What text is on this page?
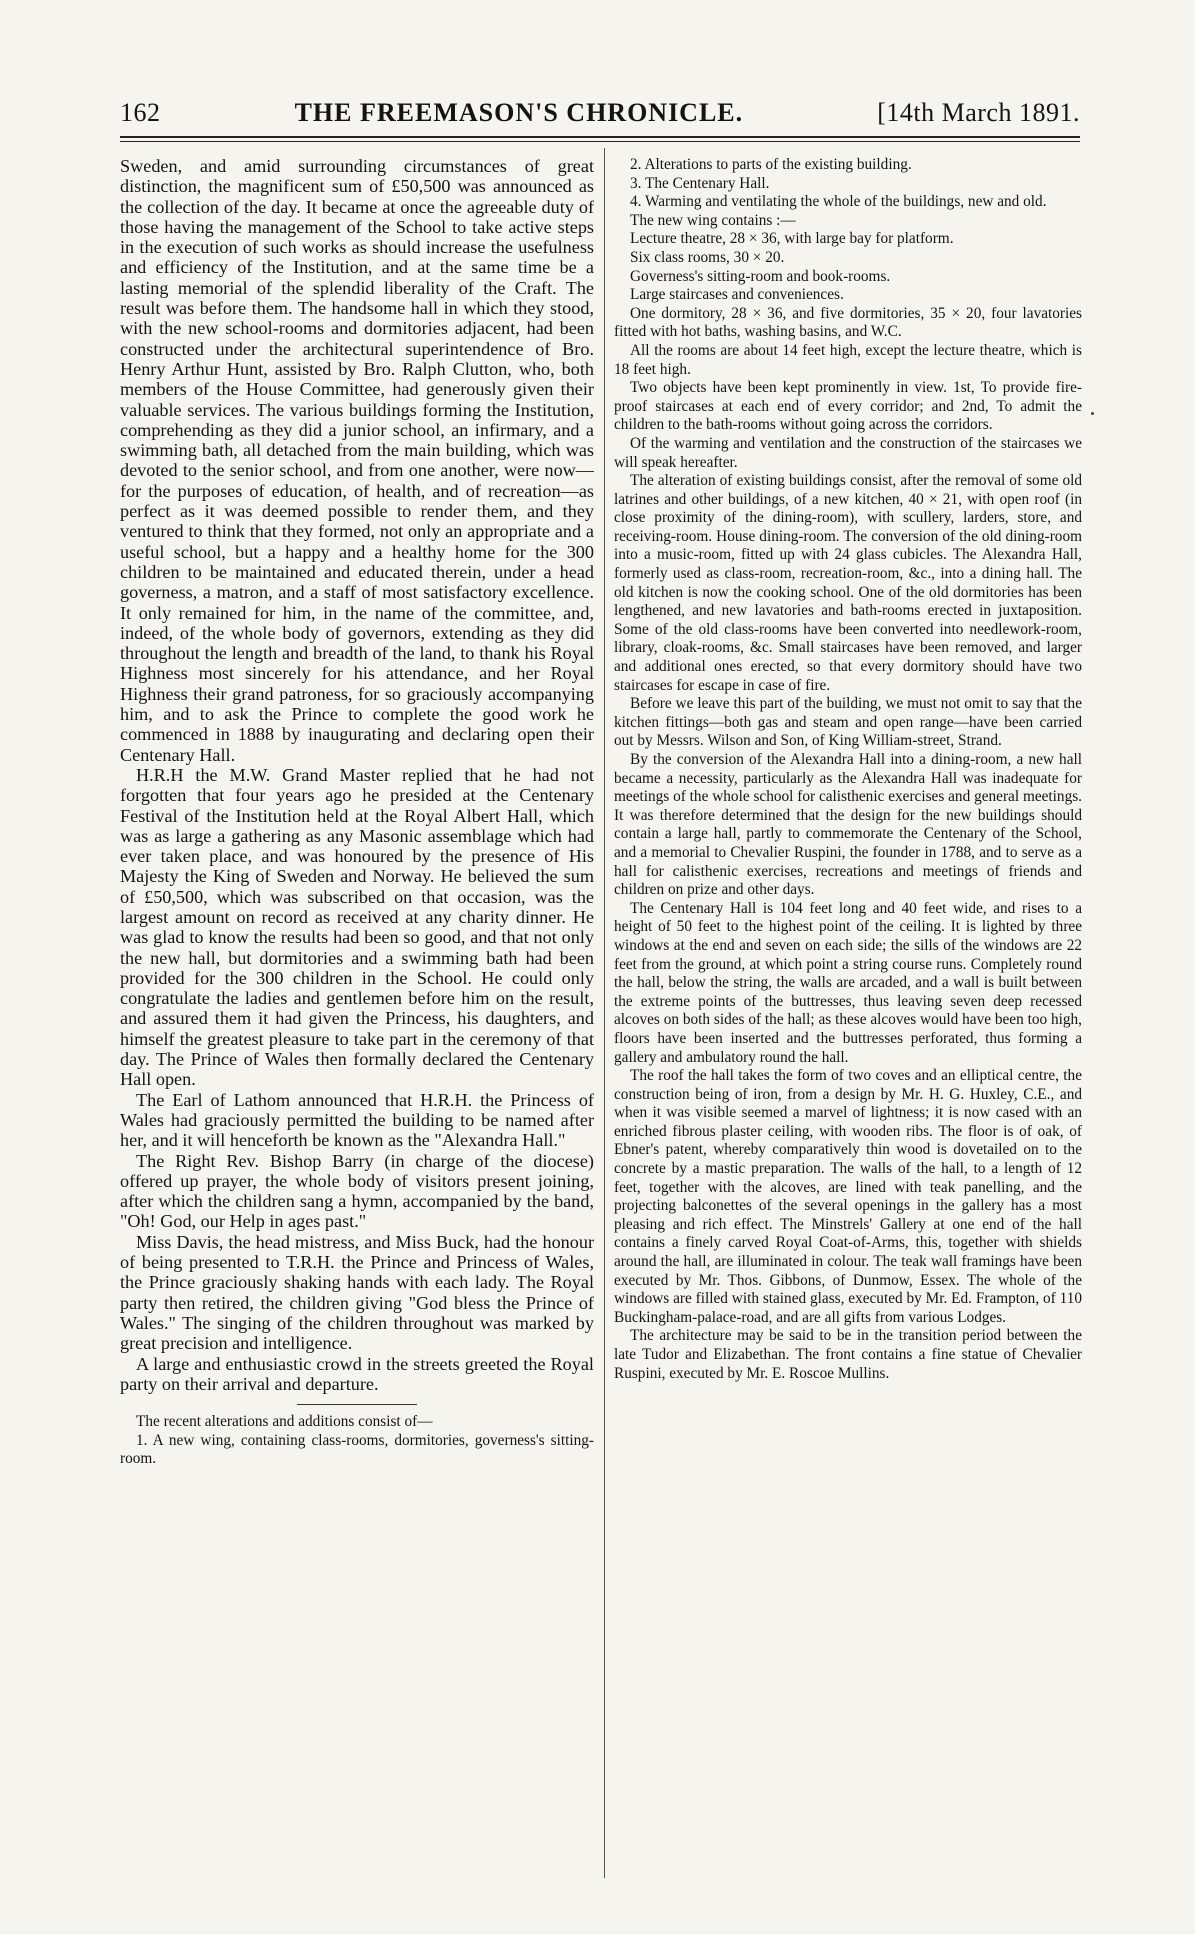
162	THE FREEMASON'S CHRONICLE.	[14th March 1891.

Sweden, and amid surrounding circumstances of great distinction, the magnificent sum of £50,500 was announced as the collection of the day. It became at once the agreeable duty of those having the management of the School to take active steps in the execution of such works as should increase the usefulness and efficiency of the Institution, and at the same time be a lasting memorial of the splendid liberality of the Craft. The result was before them. The handsome hall in which they stood, with the new school-rooms and dormitories adjacent, had been constructed under the architectural superintendence of Bro. Henry Arthur Hunt, assisted by Bro. Ralph Clutton, who, both members of the House Committee, had generously given their valuable services. The various buildings forming the Institution, comprehending as they did a junior school, an infirmary, and a swimming bath, all detached from the main building, which was devoted to the senior school, and from one another, were now—for the purposes of education, of health, and of recreation—as perfect as it was deemed possible to render them, and they ventured to think that they formed, not only an appropriate and a useful school, but a happy and a healthy home for the 300 children to be maintained and educated therein, under a head governess, a matron, and a staff of most satisfactory excellence. It only remained for him, in the name of the committee, and, indeed, of the whole body of governors, extending as they did throughout the length and breadth of the land, to thank his Royal Highness most sincerely for his attendance, and her Royal Highness their grand patroness, for so graciously accompanying him, and to ask the Prince to complete the good work he commenced in 1888 by inaugurating and declaring open their Centenary Hall.

H.R.H the M.W. Grand Master replied that he had not forgotten that four years ago he presided at the Centenary Festival of the Institution held at the Royal Albert Hall, which was as large a gathering as any Masonic assemblage which had ever taken place, and was honoured by the presence of His Majesty the King of Sweden and Norway. He believed the sum of £50,500, which was subscribed on that occasion, was the largest amount on record as received at any charity dinner. He was glad to know the results had been so good, and that not only the new hall, but dormitories and a swimming bath had been provided for the 300 children in the School. He could only congratulate the ladies and gentlemen before him on the result, and assured them it had given the Princess, his daughters, and himself the greatest pleasure to take part in the ceremony of that day. The Prince of Wales then formally declared the Centenary Hall open.

The Earl of Lathom announced that H.R.H. the Princess of Wales had graciously permitted the building to be named after her, and it will henceforth be known as the "Alexandra Hall."

The Right Rev. Bishop Barry (in charge of the diocese) offered up prayer, the whole body of visitors present joining, after which the children sang a hymn, accompanied by the band, "Oh! God, our Help in ages past."

Miss Davis, the head mistress, and Miss Buck, had the honour of being presented to T.R.H. the Prince and Princess of Wales, the Prince graciously shaking hands with each lady. The Royal party then retired, the children giving "God bless the Prince of Wales." The singing of the children throughout was marked by great precision and intelligence.

A large and enthusiastic crowd in the streets greeted the Royal party on their arrival and departure.

The recent alterations and additions consist of—

1. A new wing, containing class-rooms, dormitories, governess's sitting-room.

2. Alterations to parts of the existing building.

3. The Centenary Hall.

4. Warming and ventilating the whole of the buildings, new and old.

The new wing contains :—

Lecture theatre, 28 × 36, with large bay for platform.

Six class rooms, 30 × 20.

Governess's sitting-room and book-rooms.

Large staircases and conveniences.

One dormitory, 28 × 36, and five dormitories, 35 × 20, four lavatories fitted with hot baths, washing basins, and W.C.

All the rooms are about 14 feet high, except the lecture theatre, which is 18 feet high.

Two objects have been kept prominently in view. 1st, To provide fire-proof staircases at each end of every corridor; and 2nd, To admit the children to the bath-rooms without going across the corridors.

Of the warming and ventilation and the construction of the staircases we will speak hereafter.

The alteration of existing buildings consist, after the removal of some old latrines and other buildings, of a new kitchen, 40 × 21, with open roof (in close proximity of the dining-room), with scullery, larders, store, and receiving-room. House dining-room. The conversion of the old dining-room into a music-room, fitted up with 24 glass cubicles. The Alexandra Hall, formerly used as class-room, recreation-room, &c., into a dining hall. The old kitchen is now the cooking school. One of the old dormitories has been lengthened, and new lavatories and bath-rooms erected in juxtaposition. Some of the old class-rooms have been converted into needlework-room, library, cloak-rooms, &c. Small staircases have been removed, and larger and additional ones erected, so that every dormitory should have two staircases for escape in case of fire.

Before we leave this part of the building, we must not omit to say that the kitchen fittings—both gas and steam and open range—have been carried out by Messrs. Wilson and Son, of King William-street, Strand.

By the conversion of the Alexandra Hall into a dining-room, a new hall became a necessity, particularly as the Alexandra Hall was inadequate for meetings of the whole school for calisthenic exercises and general meetings. It was therefore determined that the design for the new buildings should contain a large hall, partly to commemorate the Centenary of the School, and a memorial to Chevalier Ruspini, the founder in 1788, and to serve as a hall for calisthenic exercises, recreations and meetings of friends and children on prize and other days.

The Centenary Hall is 104 feet long and 40 feet wide, and rises to a height of 50 feet to the highest point of the ceiling. It is lighted by three windows at the end and seven on each side; the sills of the windows are 22 feet from the ground, at which point a string course runs. Completely round the hall, below the string, the walls are arcaded, and a wall is built between the extreme points of the buttresses, thus leaving seven deep recessed alcoves on both sides of the hall; as these alcoves would have been too high, floors have been inserted and the buttresses perforated, thus forming a gallery and ambulatory round the hall.

The roof the hall takes the form of two coves and an elliptical centre, the construction being of iron, from a design by Mr. H. G. Huxley, C.E., and when it was visible seemed a marvel of lightness; it is now cased with an enriched fibrous plaster ceiling, with wooden ribs. The floor is of oak, of Ebner's patent, whereby comparatively thin wood is dovetailed on to the concrete by a mastic preparation. The walls of the hall, to a length of 12 feet, together with the alcoves, are lined with teak panelling, and the projecting balconettes of the several openings in the gallery has a most pleasing and rich effect. The Minstrels' Gallery at one end of the hall contains a finely carved Royal Coat-of-Arms, this, together with shields around the hall, are illuminated in colour. The teak wall framings have been executed by Mr. Thos. Gibbons, of Dunmow, Essex. The whole of the windows are filled with stained glass, executed by Mr. Ed. Frampton, of 110 Buckingham-palace-road, and are all gifts from various Lodges.

The architecture may be said to be in the transition period between the late Tudor and Elizabethan. The front contains a fine statue of Chevalier Ruspini, executed by Mr. E. Roscoe Mullins.
